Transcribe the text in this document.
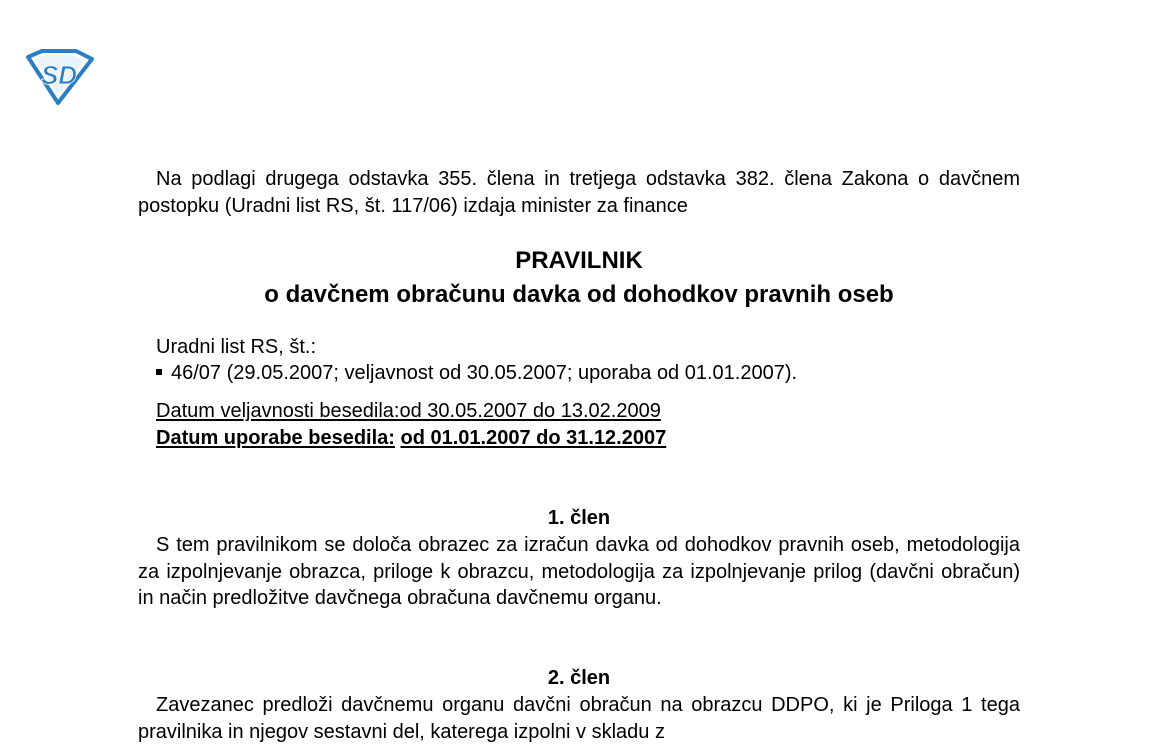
SD

Na podlagi drugega odstavka 355. člena in tretjega odstavka 382. člena Zakona o davčnem postopku (Uradni list RS, št. 117/06) izdaja minister za finance

PRAVILNIK
o davčnem obračunu davka od dohodkov pravnih oseb
Uradni list RS, št.:
46/07 (29.05.2007; veljavnost od 30.05.2007; uporaba od 01.01.2007).
Datum veljavnosti besedila:od 30.05.2007 do 13.02.2009
Datum uporabe besedila: od 01.01.2007 do 31.12.2007
1. člen

S tem pravilnikom se določa obrazec za izračun davka od dohodkov pravnih oseb, metodologija za izpolnjevanje obrazca, priloge k obrazcu, metodologija za izpolnjevanje prilog (davčni obračun) in način predložitve davčnega obračuna davčnemu organu.

2. člen

Zavezanec predloži davčnemu organu davčni obračun na obrazcu DDPO, ki je Priloga 1 tega pravilnika in njegov sestavni del, katerega izpolni v skladu z
